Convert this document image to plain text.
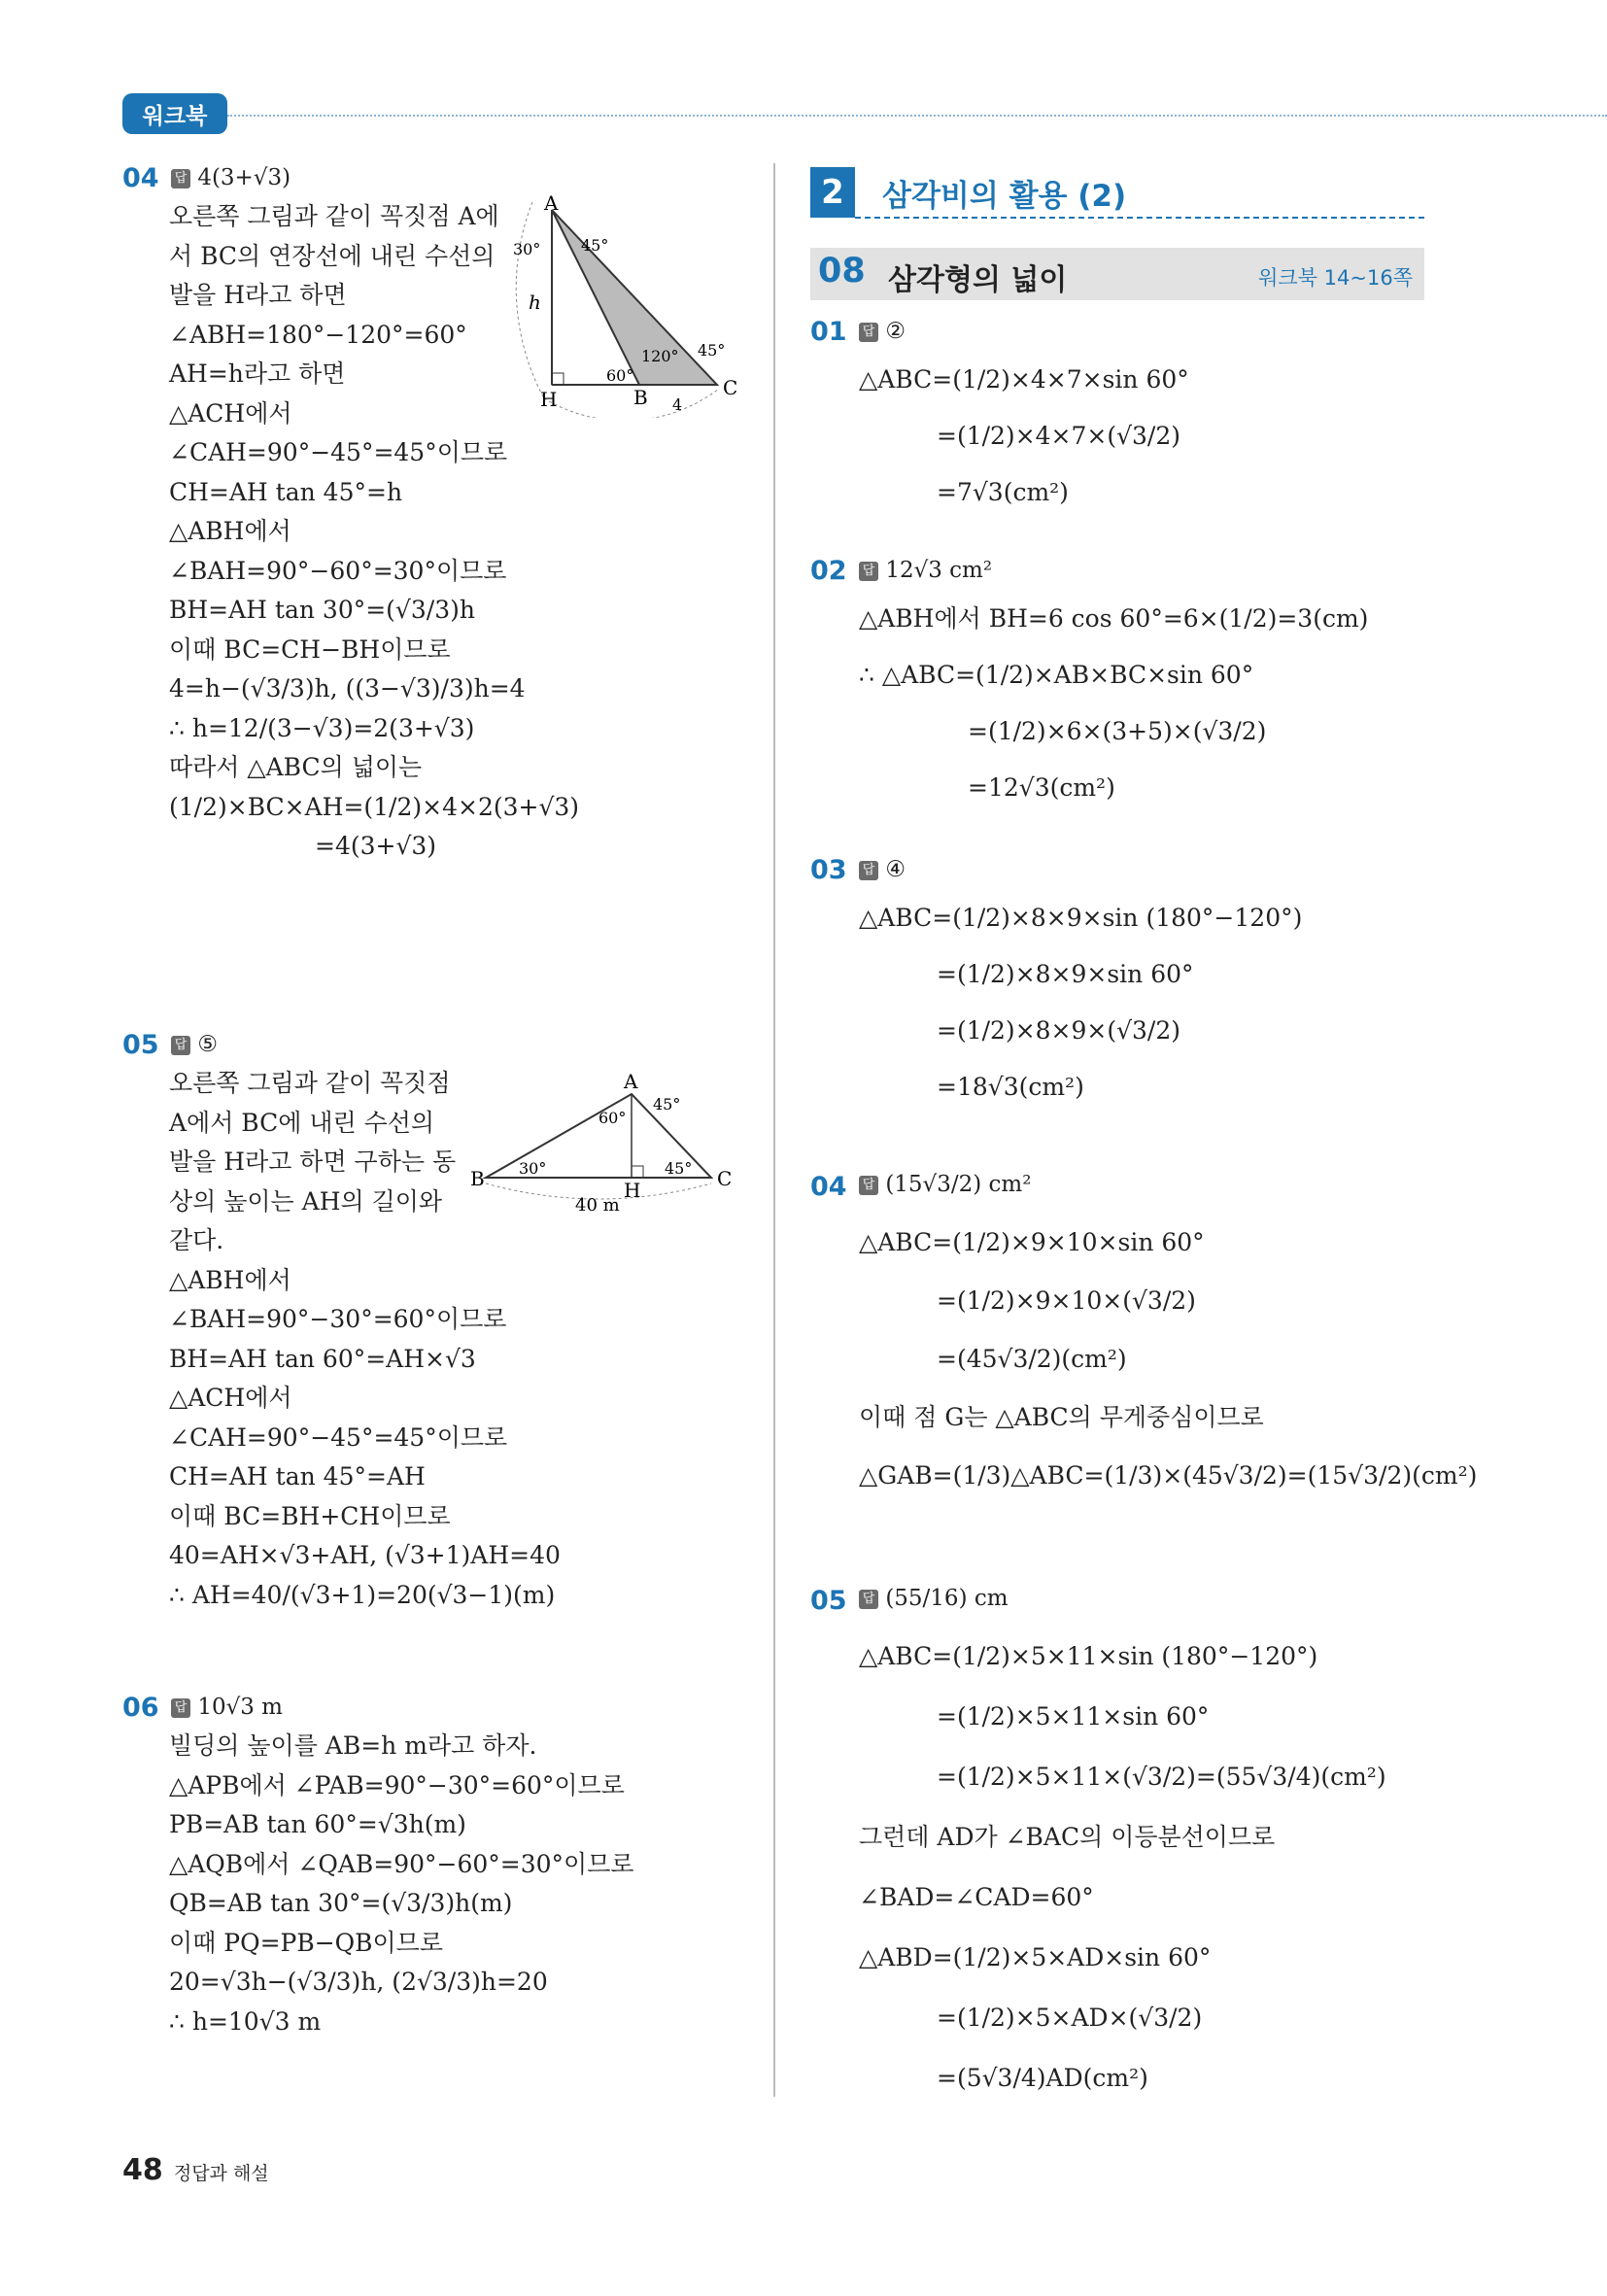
워크북
04 답 4(3+√3)
오른쪽 그림과 같이 꼭짓점 A에
서 BC의 연장선에 내린 수선의
발을 H라고 하면
∠ABH=180°−120°=60°
AH=h라고 하면
△ACH에서
∠CAH=90°−45°=45°이므로
CH=AH tan 45°=h
△ABH에서
∠BAH=90°−60°=30°이므로
BH=AH tan 30°=(√3/3)h
이때 BC=CH−BH이므로
4=h−(√3/3)h, ((3−√3)/3)h=4
∴ h=12/(3−√3)=2(3+√3)
따라서 △ABC의 넓이는
(1/2)×BC×AH=(1/2)×4×2(3+√3)
=4(3+√3)
A
30°	45°
h
120° 45°
60°
H	B	C
4
05 답 ⑤
오른쪽 그림과 같이 꼭짓점
A에서 BC에 내린 수선의
발을 H라고 하면 구하는 동
상의 높이는 AH의 길이와
같다.
△ABH에서
∠BAH=90°−30°=60°이므로
BH=AH tan 60°=AH×√3
△ACH에서
∠CAH=90°−45°=45°이므로
CH=AH tan 45°=AH
이때 BC=BH+CH이므로
40=AH×√3+AH, (√3+1)AH=40
∴ AH=40/(√3+1)=20(√3−1)(m)
A
60°
45°
30°	45°
B	H	C
40 m
06 답 10√3 m
빌딩의 높이를 AB=h m라고 하자.
△APB에서 ∠PAB=90°−30°=60°이므로
PB=AB tan 60°=√3h(m)
△AQB에서 ∠QAB=90°−60°=30°이므로
QB=AB tan 30°=(√3/3)h(m)
이때 PQ=PB−QB이므로
20=√3h−(√3/3)h, (2√3/3)h=20
∴ h=10√3 m
2	삼각비의 활용 (2)
08 삼각형의 넓이	워크북 14~16쪽
01 답 ②
△ABC=(1/2)×4×7×sin 60°
=(1/2)×4×7×(√3/2)
=7√3(cm²)
02 답 12√3 cm²
△ABH에서 BH=6 cos 60°=6×(1/2)=3(cm)
∴ △ABC=(1/2)×AB×BC×sin 60°
=(1/2)×6×(3+5)×(√3/2)
=12√3(cm²)
03 답 ④
△ABC=(1/2)×8×9×sin (180°−120°)
=(1/2)×8×9×sin 60°
=(1/2)×8×9×(√3/2)
=18√3(cm²)
04 답 (15√3/2) cm²
△ABC=(1/2)×9×10×sin 60°
=(1/2)×9×10×(√3/2)
=(45√3/2)(cm²)
이때 점 G는 △ABC의 무게중심이므로
△GAB=(1/3)△ABC=(1/3)×(45√3/2)=(15√3/2)(cm²)
05 답 (55/16) cm
△ABC=(1/2)×5×11×sin (180°−120°)
=(1/2)×5×11×sin 60°
=(1/2)×5×11×(√3/2)=(55√3/4)(cm²)
그런데 AD가 ∠BAC의 이등분선이므로
∠BAD=∠CAD=60°
△ABD=(1/2)×5×AD×sin 60°
=(1/2)×5×AD×(√3/2)
=(5√3/4)AD(cm²)
48 정답과 해설
